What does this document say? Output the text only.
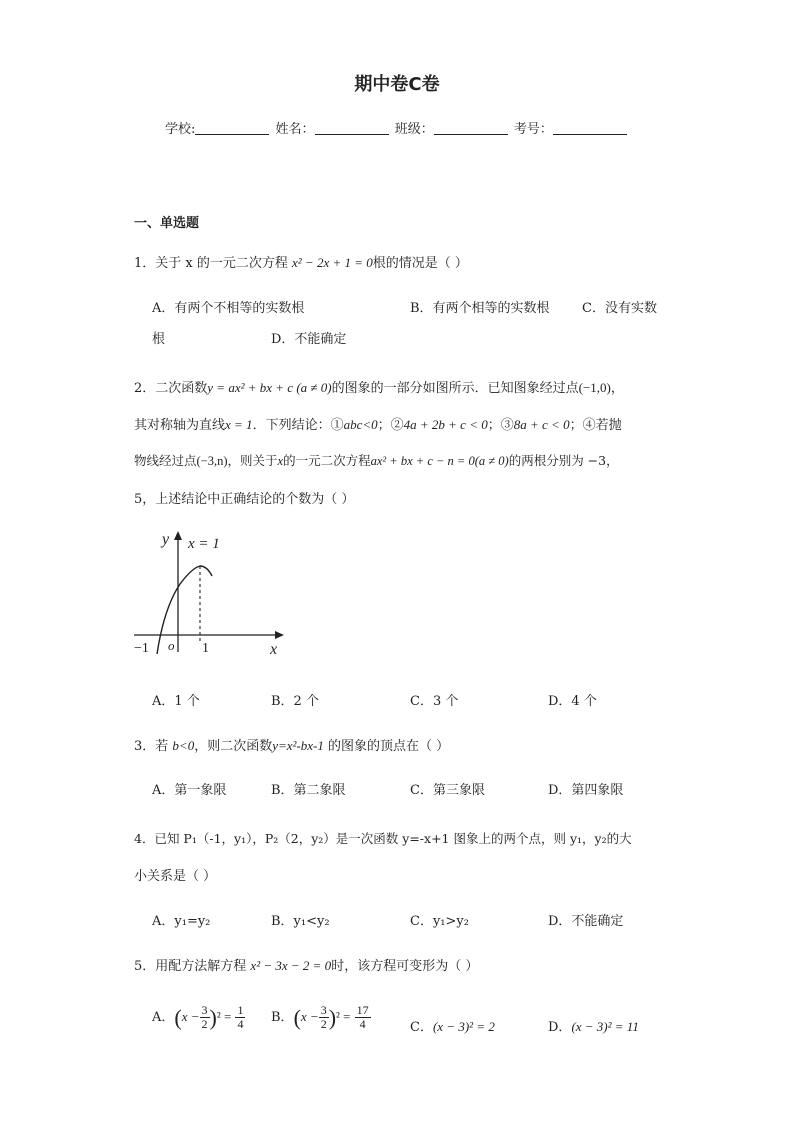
期中卷C卷
学校:	姓名：	班级：	考号：
一、单选题
1．关于 x 的一元二次方程 x² − 2x + 1 = 0根的情况是（ ）
A．有两个不相等的实数根	B．有两个相等的实数根 C．没有实数
根	D．不能确定
2．二次函数y = ax² + bx + c (a ≠ 0)的图象的一部分如图所示．已知图象经过点(−1,0)，
其对称轴为直线x = 1．下列结论：①abc<0；②4a + 2b + c < 0；③8a + c < 0；④若抛
物线经过点(−3,n)，则关于x的一元二次方程ax² + bx + c − n = 0(a ≠ 0)的两根分别为 −3，
5，上述结论中正确结论的个数为（ ）
y x = 1
o
−1	1	x
A．1 个	B．2 个	C．3 个	D．4 个
3．若 b<0，则二次函数y=x²-bx-1 的图象的顶点在（ ）
A．第一象限	B．第二象限	C．第三象限	D．第四象限
4．已知 P₁（-1，y₁），P₂（2，y₂）是一次函数 y=-x+1 图象上的两个点，则 y₁，y₂的大
小关系是（ ）
A．y₁=y₂	B．y₁<y₂	C．y₁>y₂	D．不能确定
5．用配方法解方程 x² − 3x − 2 = 0时，该方程可变形为（ ）
A．$(x - \frac{3}{2} )^2 = \frac{1}{4}$ B．$(x - \frac{3}{2} )^2 = \frac{17}{4}$	C．(x − 3)² = 2	D．(x − 3)² = 11
